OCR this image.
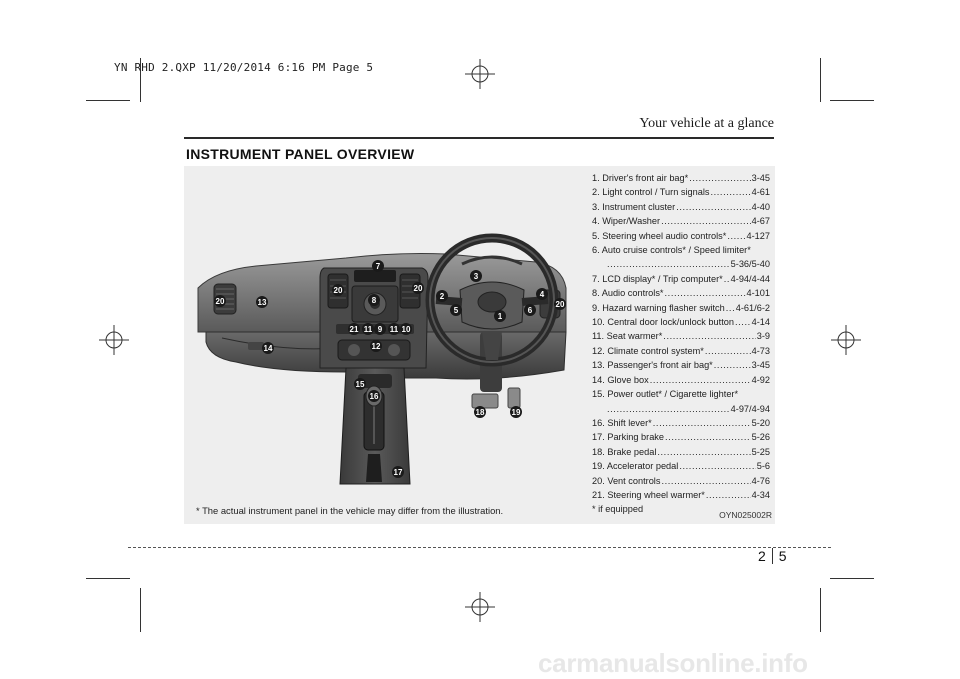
YN RHD 2.QXP 11/20/2014 6:16 PM Page 5
Your vehicle at a glance
INSTRUMENT PANEL OVERVIEW
1
2
3
4
5	6
7
8
9 10
11 11
12
13
14
15
16
17
18	19
20
20	20
20
21
1. Driver's front air bag* .....	3-45
2. Light control / Turn signals .....	4-61
3. Instrument cluster .....	4-40
4. Wiper/Washer .....	4-67
5. Steering wheel audio controls* ..... 4-127
6. Auto cruise controls* / Speed limiter*
.....
5-36/5-40
7. LCD display* / Trip computer* ..... 4-94/4-44
8. Audio controls* .....	4-101
9. Hazard warning flasher switch ..... 4-61/6-2
10. Central door lock/unlock button ..... 4-14
11. Seat warmer* .....	3-9
12. Climate control system* .....	4-73
13. Passenger's front air bag* .....	3-45
14. Glove box .....	4-92
15. Power outlet* / Cigarette lighter*
.....
4-97/4-94
16. Shift lever* .....	5-20
17. Parking brake .....	5-26
18. Brake pedal .....	5-25
19. Accelerator pedal .....	5-6
20. Vent controls .....	4-76
21. Steering wheel warmer* .....	4-34
* if equipped
* The actual instrument panel in the vehicle may differ from the illustration.	OYN025002R
2 5
carmanualsonline.info
